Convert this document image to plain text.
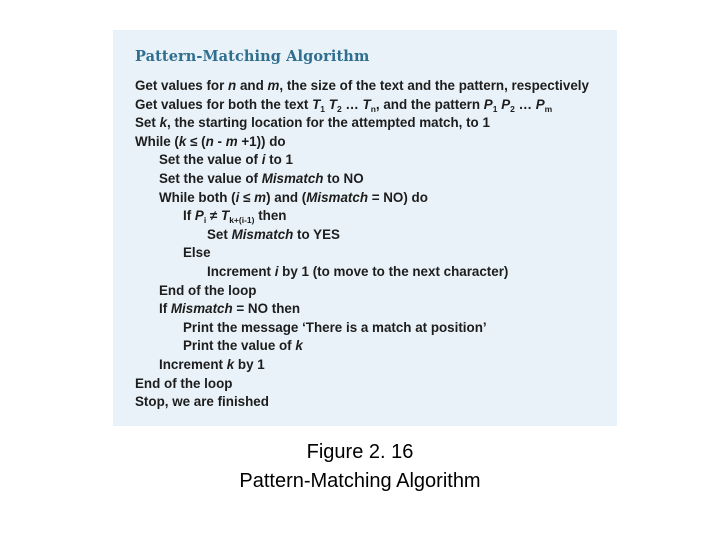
Pattern-Matching Algorithm
Get values for n and m, the size of the text and the pattern, respectively
Get values for both the text $T_1$ $T_2$ … $T_n$, and the pattern $P_1$ $P_2$ … $P_m$
Set k, the starting location for the attempted match, to 1
While (k ≤ (n - m +1)) do
Set the value of i to 1
Set the value of Mismatch to NO
While both (i ≤ m) and (Mismatch = NO) do
If $P_i \ne T_{k+(i-1)}$ then
Set Mismatch to YES
Else
Increment i by 1 (to move to the next character)
End of the loop
If Mismatch = NO then
Print the message ‘There is a match at position’
Print the value of k
Increment k by 1
End of the loop
Stop, we are finished
Figure 2. 16
Pattern-Matching Algorithm
